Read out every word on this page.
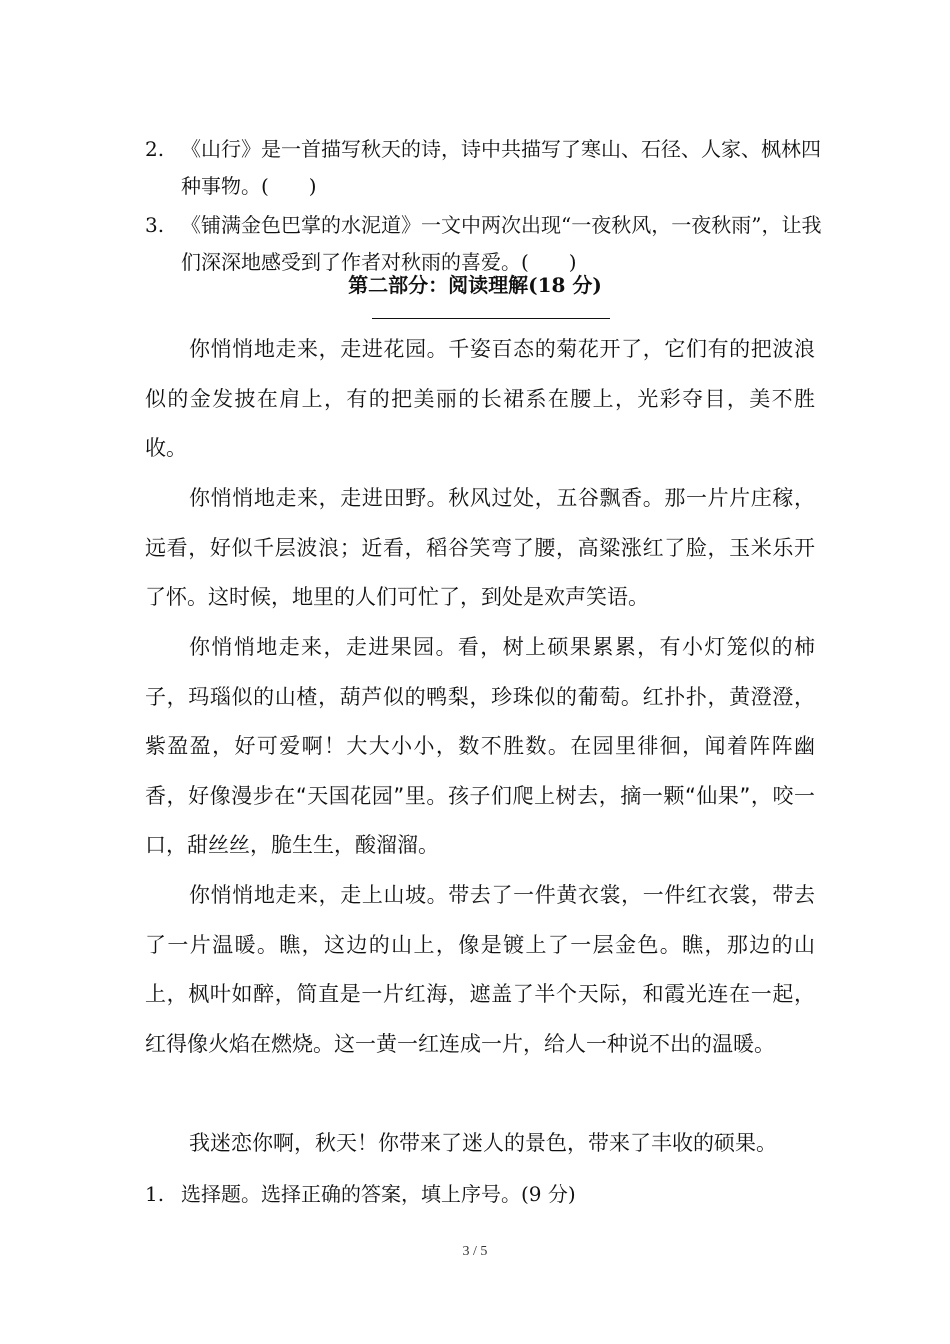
2. 《山行》是一首描写秋天的诗，诗中共描写了寒山、石径、人家、枫林四种事物。(　　)
3. 《铺满金色巴掌的水泥道》一文中两次出现“一夜秋风，一夜秋雨”，让我们深深地感受到了作者对秋雨的喜爱。(　　)
第二部分：阅读理解(18 分)
你悄悄地走来，走进花园。千姿百态的菊花开了，它们有的把波浪似的金发披在肩上，有的把美丽的长裙系在腰上，光彩夺目，美不胜收。
你悄悄地走来，走进田野。秋风过处，五谷飘香。那一片片庄稼，远看，好似千层波浪；近看，稻谷笑弯了腰，高粱涨红了脸，玉米乐开了怀。这时候，地里的人们可忙了，到处是欢声笑语。
你悄悄地走来，走进果园。看，树上硕果累累，有小灯笼似的柿子，玛瑙似的山楂，葫芦似的鸭梨，珍珠似的葡萄。红扑扑，黄澄澄，紫盈盈，好可爱啊！大大小小，数不胜数。在园里徘徊，闻着阵阵幽香，好像漫步在“天国花园”里。孩子们爬上树去，摘一颗“仙果”，咬一口，甜丝丝，脆生生，酸溜溜。
你悄悄地走来，走上山坡。带去了一件黄衣裳，一件红衣裳，带去了一片温暖。瞧，这边的山上，像是镀上了一层金色。瞧，那边的山上，枫叶如醉，简直是一片红海，遮盖了半个天际，和霞光连在一起，红得像火焰在燃烧。这一黄一红连成一片，给人一种说不出的温暖。
我迷恋你啊，秋天！你带来了迷人的景色，带来了丰收的硕果。
1. 选择题。选择正确的答案，填上序号。(9 分)
3 / 5
